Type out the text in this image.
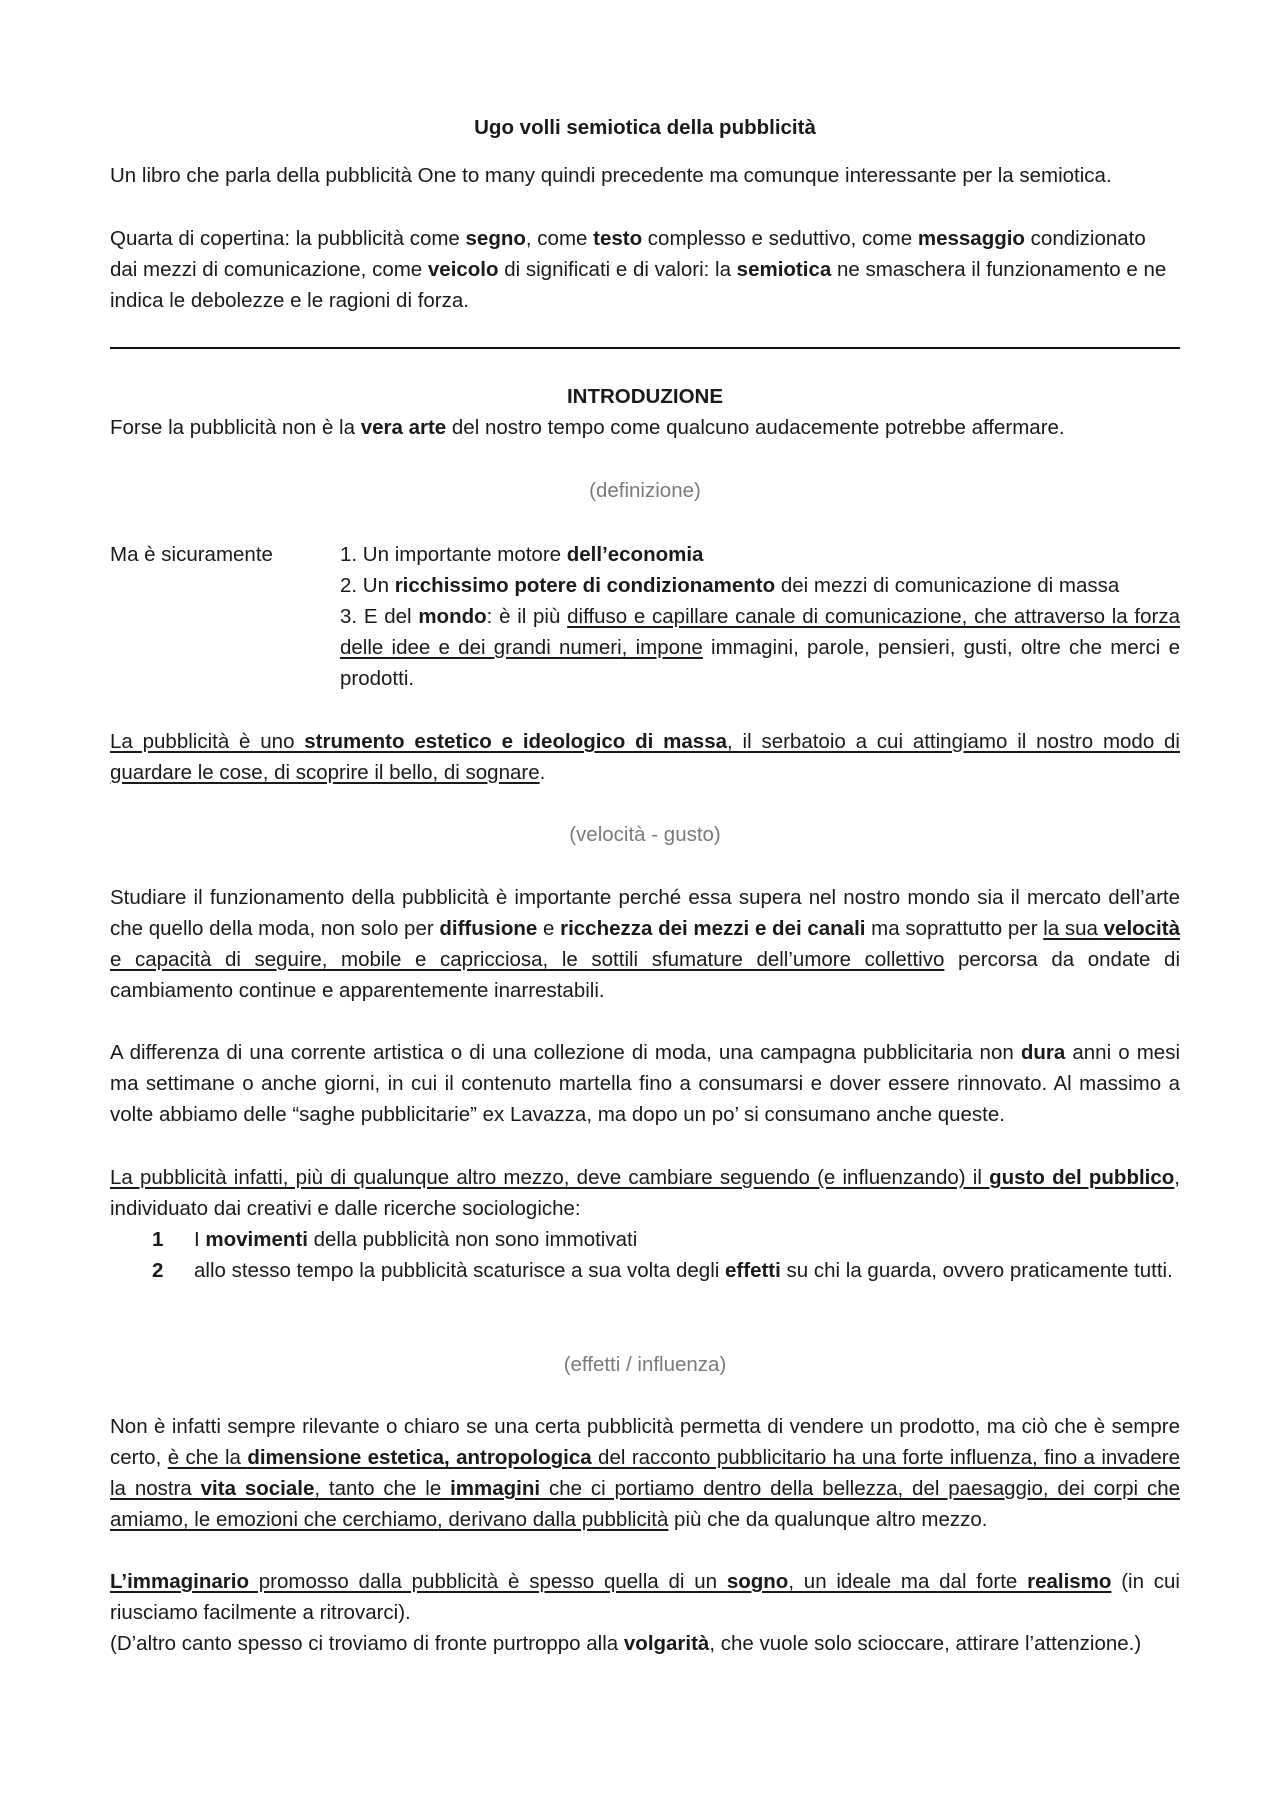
Ugo volli semiotica della pubblicità

Un libro che parla della pubblicità One to many quindi precedente ma comunque interessante per la semiotica.

Quarta di copertina: la pubblicità come segno, come testo complesso e seduttivo, come messaggio condizionato dai mezzi di comunicazione, come veicolo di significati e di valori: la semiotica ne smaschera il funzionamento e ne indica le debolezze e le ragioni di forza.

INTRODUZIONE

Forse la pubblicità non è la vera arte del nostro tempo come qualcuno audacemente potrebbe affermare.

(definizione)

Ma è sicuramente	1. Un importante motore dell’economia

2. Un ricchissimo potere di condizionamento dei mezzi di comunicazione di massa

3. E del mondo: è il più diffuso e capillare canale di comunicazione, che attraverso la forza delle idee e dei grandi numeri, impone immagini, parole, pensieri, gusti, oltre che merci e prodotti.

La pubblicità è uno strumento estetico e ideologico di massa, il serbatoio a cui attingiamo il nostro modo di guardare le cose, di scoprire il bello, di sognare.

(velocità - gusto)

Studiare il funzionamento della pubblicità è importante perché essa supera nel nostro mondo sia il mercato dell’arte che quello della moda, non solo per diffusione e ricchezza dei mezzi e dei canali ma soprattutto per la sua velocità e capacità di seguire, mobile e capricciosa, le sottili sfumature dell’umore collettivo percorsa da ondate di cambiamento continue e apparentemente inarrestabili.

A differenza di una corrente artistica o di una collezione di moda, una campagna pubblicitaria non dura anni o mesi ma settimane o anche giorni, in cui il contenuto martella fino a consumarsi e dover essere rinnovato. Al massimo a volte abbiamo delle “saghe pubblicitarie” ex Lavazza, ma dopo un po’ si consumano anche queste.

La pubblicità infatti, più di qualunque altro mezzo, deve cambiare seguendo (e influenzando) il gusto del pubblico, individuato dai creativi e dalle ricerche sociologiche:

1	I movimenti della pubblicità non sono immotivati

2	allo stesso tempo la pubblicità scaturisce a sua volta degli effetti su chi la guarda, ovvero praticamente tutti.

(effetti / influenza)

Non è infatti sempre rilevante o chiaro se una certa pubblicità permetta di vendere un prodotto, ma ciò che è sempre certo, è che la dimensione estetica, antropologica del racconto pubblicitario ha una forte influenza, fino a invadere la nostra vita sociale, tanto che le immagini che ci portiamo dentro della bellezza, del paesaggio, dei corpi che amiamo, le emozioni che cerchiamo, derivano dalla pubblicità più che da qualunque altro mezzo.

L’immaginario promosso dalla pubblicità è spesso quella di un sogno, un ideale ma dal forte realismo (in cui riusciamo facilmente a ritrovarci).

(D’altro canto spesso ci troviamo di fronte purtroppo alla volgarità, che vuole solo scioccare, attirare l’attenzione.)
